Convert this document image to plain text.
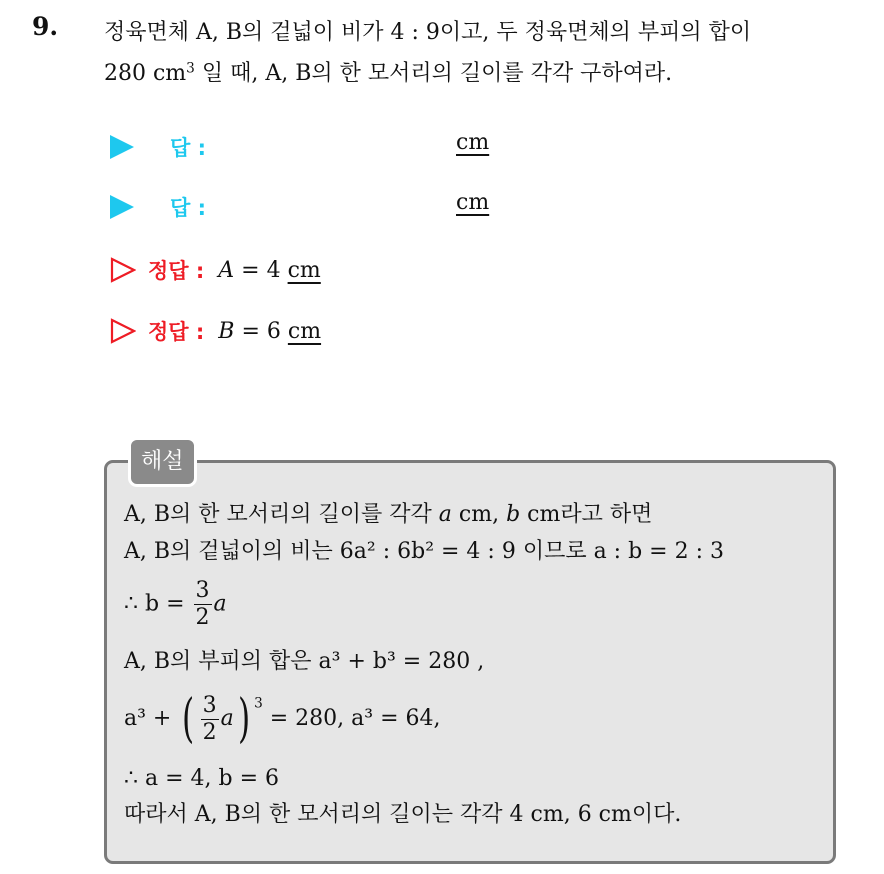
9. 정육면체 A, B의 겉넓이 비가 4 : 9이고, 두 정육면체의 부피의 합이
280 $cm^3$ 일 때, A, B의 한 모서리의 길이를 각각 구하여라.
답 :	cm
답 :	cm
정답 : A = 4 cm
정답 : B = 6 cm
해설
A, B의 한 모서리의 길이를 각각 a cm, b cm라고 하면
A, B의 겉넓이의 비는 6a² : 6b² = 4 : 9 이므로 a : b = 2 : 3
∴ $b = \frac{3}{2}$ a
A, B의 부피의 합은 a³ + b³ = 280 ,
a³ + ( $\frac{3}{2} a$) $^3$ = 280, a³ = 64,
∴ a = 4, b = 6
따라서 A, B의 한 모서리의 길이는 각각 4 cm, 6 cm이다.
